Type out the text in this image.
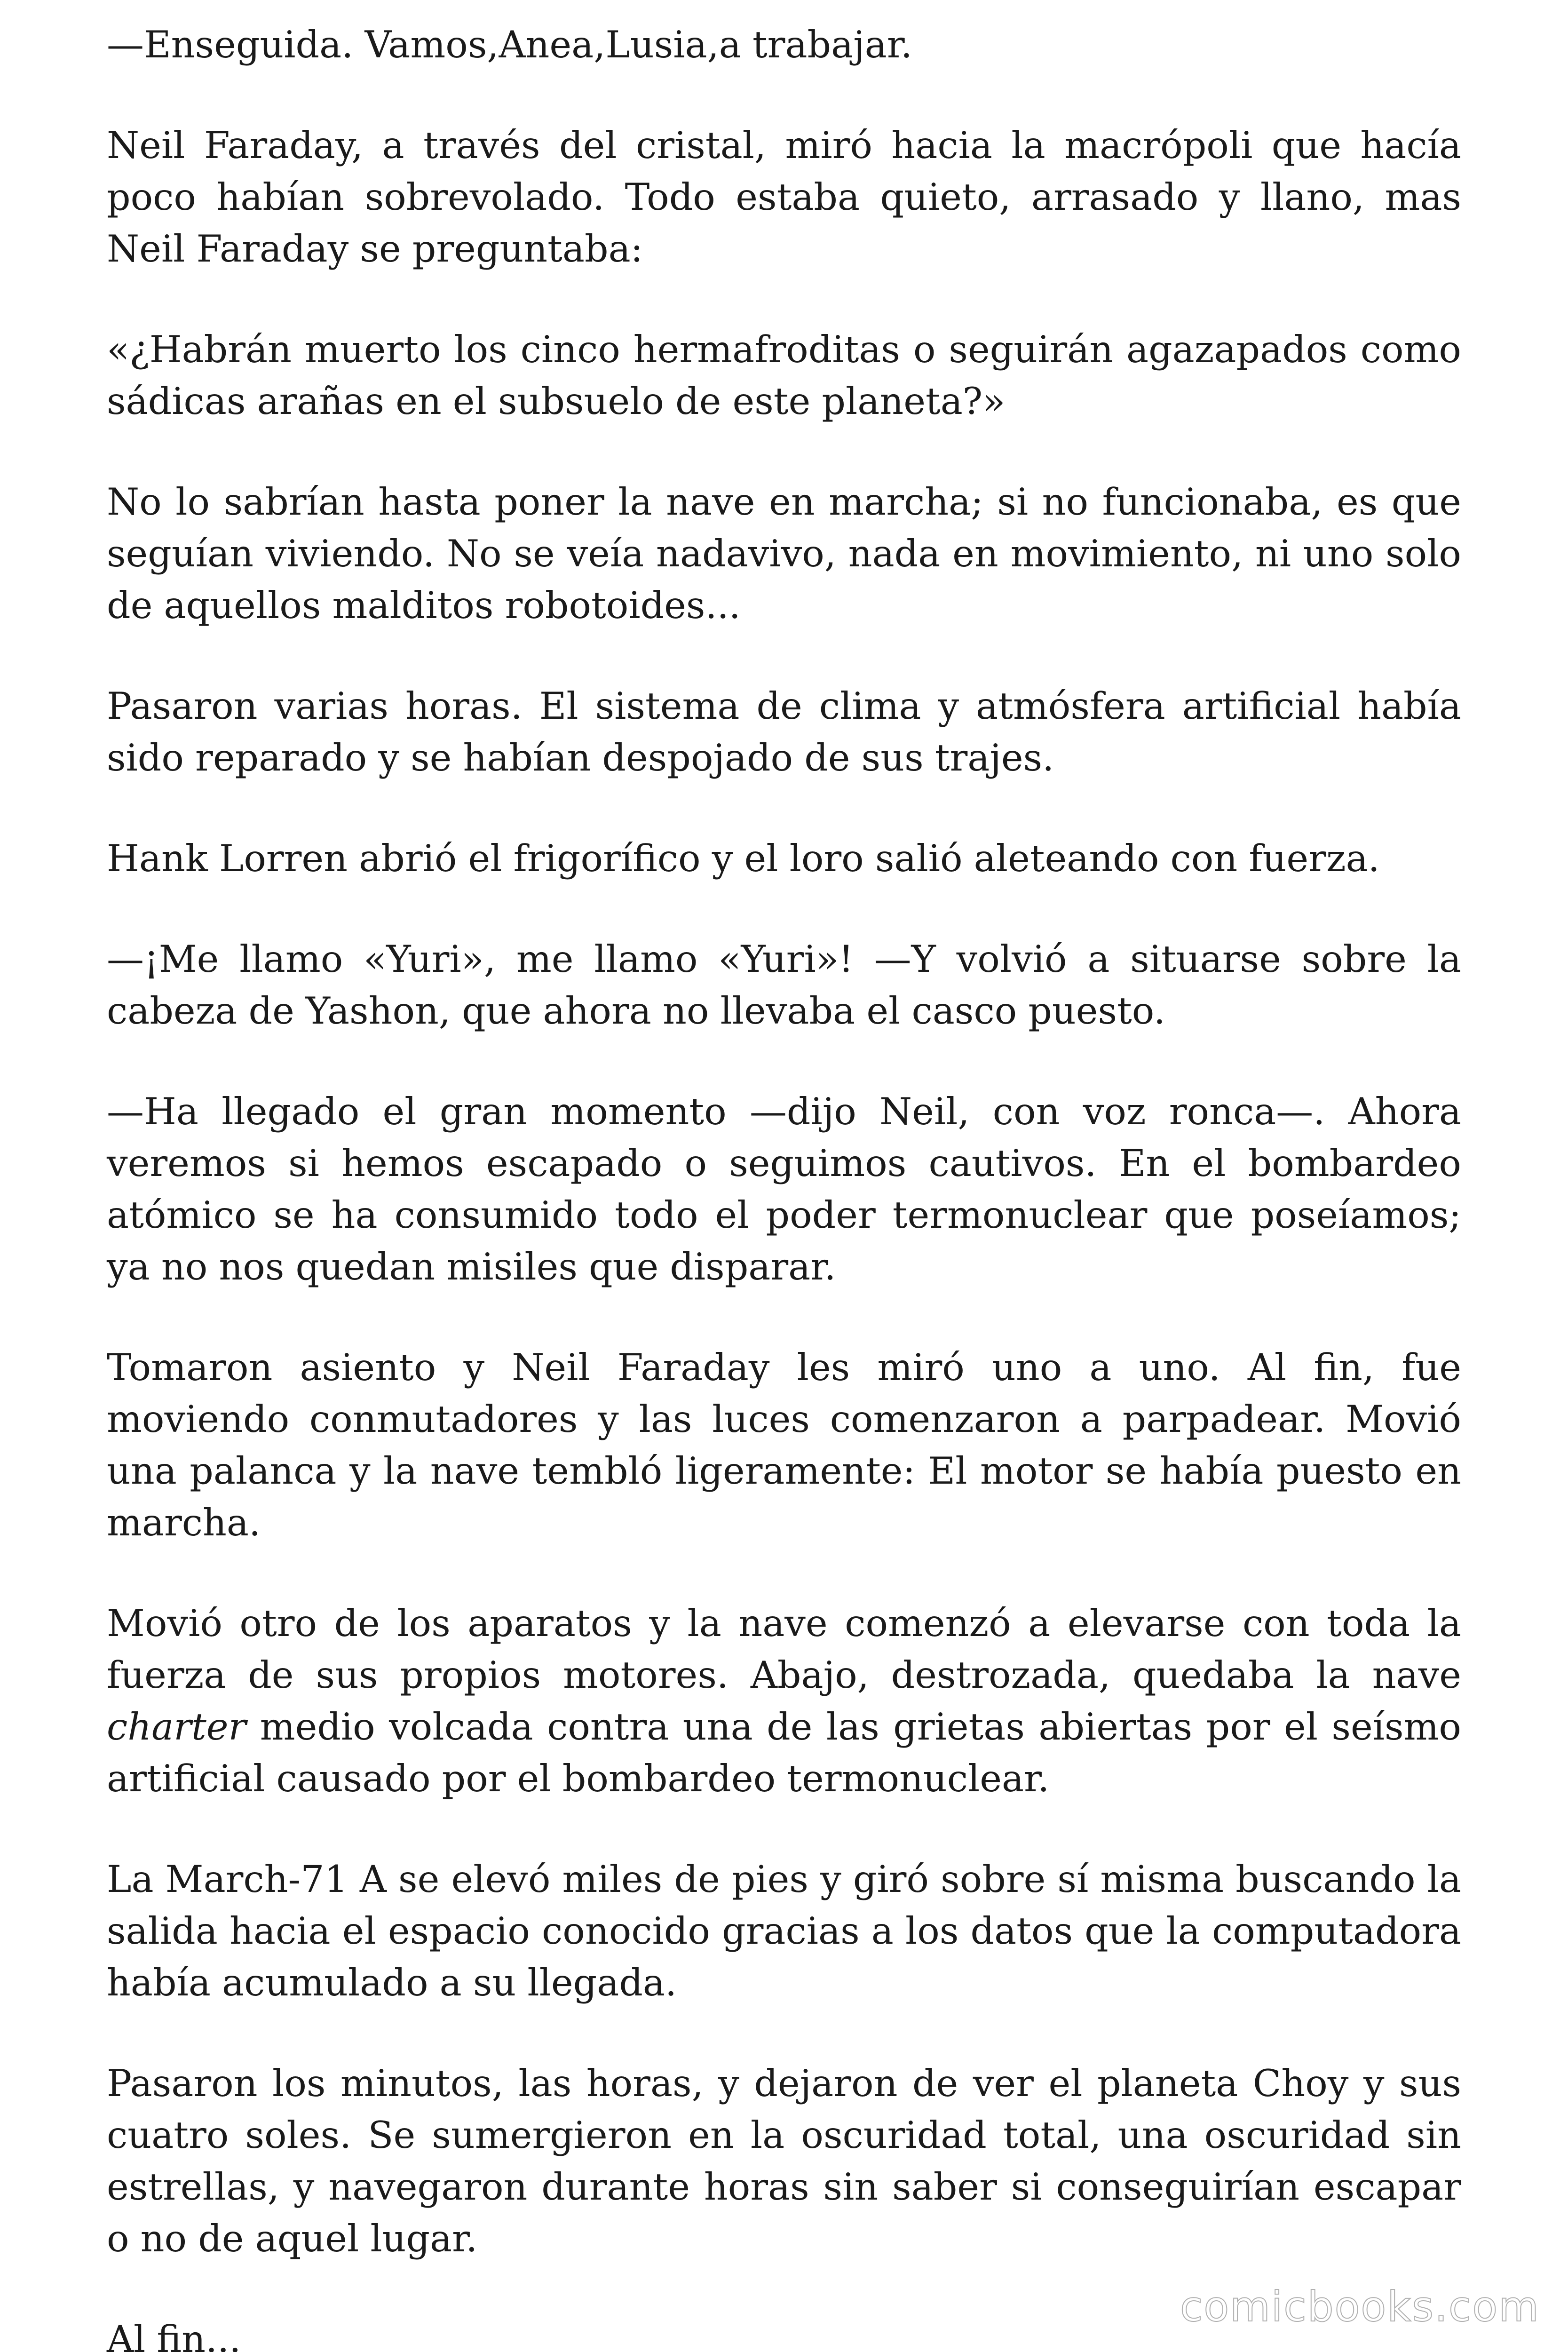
—Enseguida. Vamos,Anea,Lusia,a trabajar.

Neil Faraday, a través del cristal, miró hacia la macrópoli que hacía poco habían sobrevolado. Todo estaba quieto, arrasado y llano, mas Neil Faraday se preguntaba:

«¿Habrán muerto los cinco hermafroditas o seguirán agazapados como sádicas arañas en el subsuelo de este planeta?»

No lo sabrían hasta poner la nave en marcha; si no funcionaba, es que seguían viviendo. No se veía nadavivo, nada en movimiento, ni uno solo de aquellos malditos robotoides...

Pasaron varias horas. El sistema de clima y atmósfera artificial había sido reparado y se habían despojado de sus trajes.

Hank Lorren abrió el frigorífico y el loro salió aleteando con fuerza.

—¡Me llamo «Yuri», me llamo «Yuri»! —Y volvió a situarse sobre la cabeza de Yashon, que ahora no llevaba el casco puesto.

—Ha llegado el gran momento —dijo Neil, con voz ronca—. Ahora veremos si hemos escapado o seguimos cautivos. En el bombardeo atómico se ha consumido todo el poder termonuclear que poseíamos; ya no nos quedan misiles que disparar.

Tomaron asiento y Neil Faraday les miró uno a uno. Al fin, fue moviendo conmutadores y las luces comenzaron a parpadear. Movió una palanca y la nave tembló ligeramente: El motor se había puesto en marcha.

Movió otro de los aparatos y la nave comenzó a elevarse con toda la fuerza de sus propios motores. Abajo, destrozada, quedaba la nave charter medio volcada contra una de las grietas abiertas por el seísmo artificial causado por el bombardeo termonuclear.

La March-71 A se elevó miles de pies y giró sobre sí misma buscando la salida hacia el espacio conocido gracias a los datos que la computadora había acumulado a su llegada.

Pasaron los minutos, las horas, y dejaron de ver el planeta Choy y sus cuatro soles. Se sumergieron en la oscuridad total, una oscuridad sin estrellas, y navegaron durante horas sin saber si conseguirían escapar o no de aquel lugar.

Al fin...

comicbooks.com
